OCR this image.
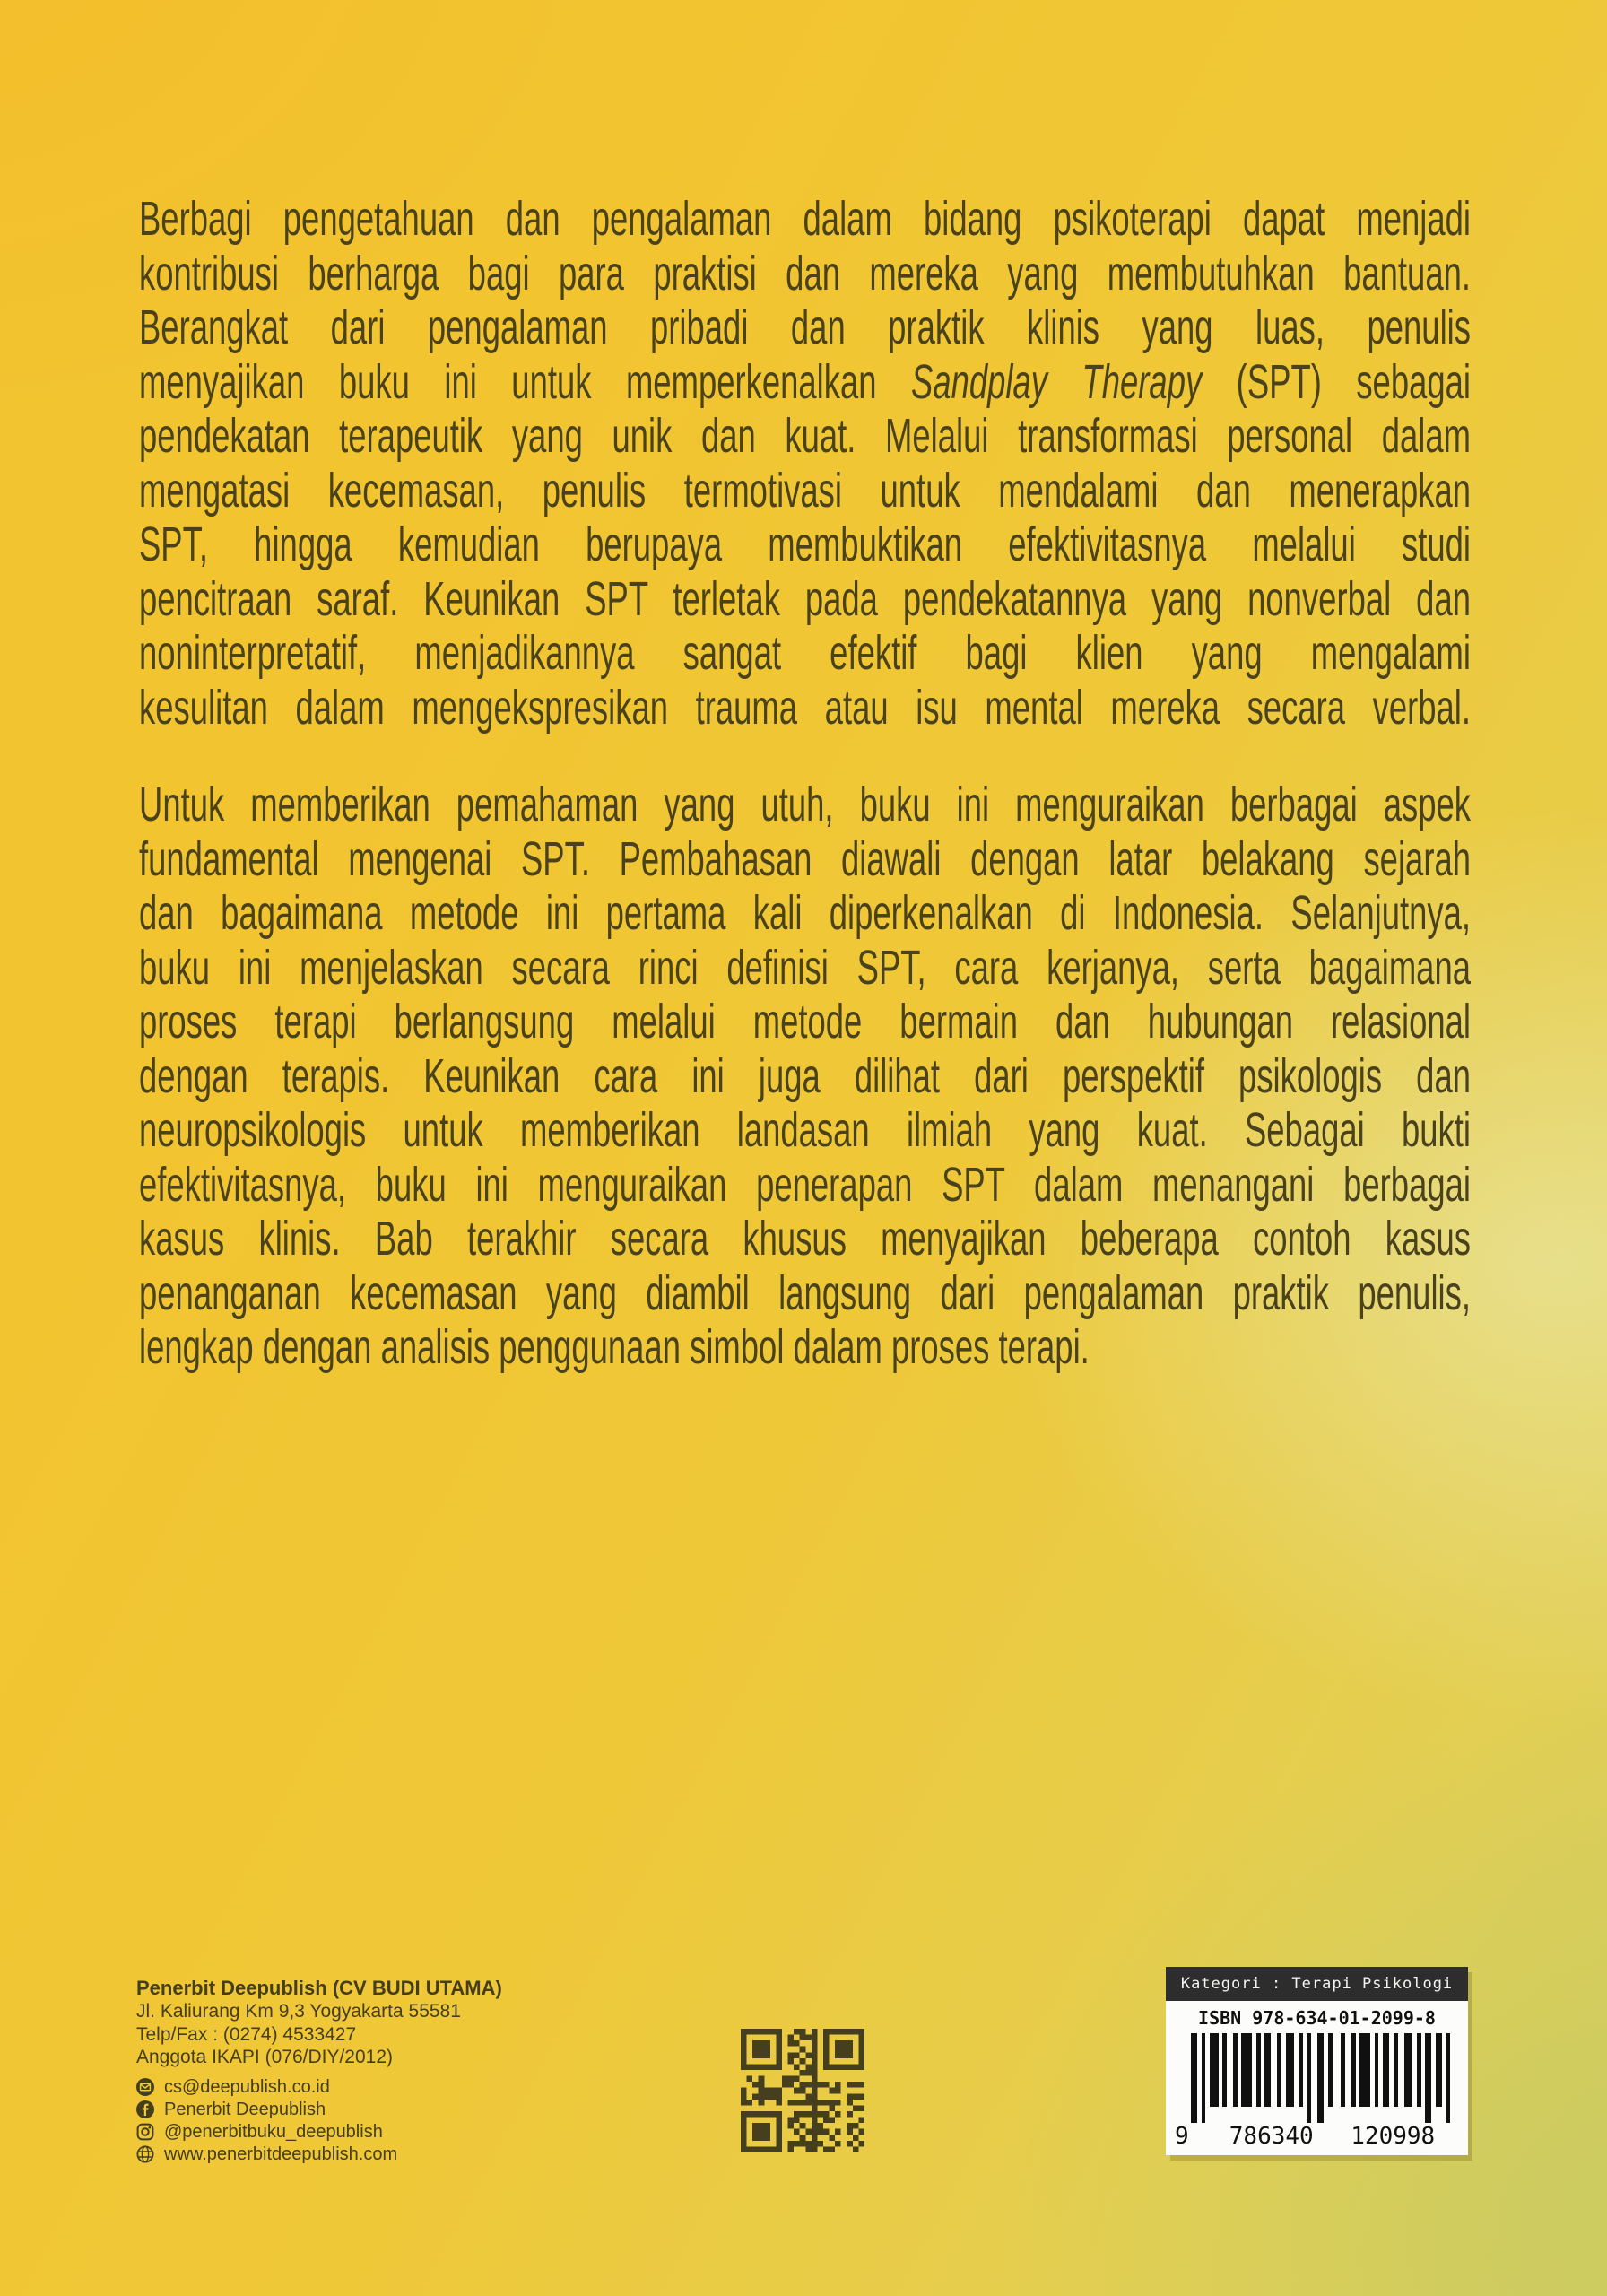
Berbagi pengetahuan dan pengalaman dalam bidang psikoterapi dapat menjadi
kontribusi berharga bagi para praktisi dan mereka yang membutuhkan bantuan.
Berangkat dari pengalaman pribadi dan praktik klinis yang luas, penulis
menyajikan buku ini untuk memperkenalkan Sandplay Therapy (SPT) sebagai
pendekatan terapeutik yang unik dan kuat. Melalui transformasi personal dalam
mengatasi kecemasan, penulis termotivasi untuk mendalami dan menerapkan
SPT, hingga kemudian berupaya membuktikan efektivitasnya melalui studi
pencitraan saraf. Keunikan SPT terletak pada pendekatannya yang nonverbal dan
noninterpretatif, menjadikannya sangat efektif bagi klien yang mengalami
kesulitan dalam mengekspresikan trauma atau isu mental mereka secara verbal.
Untuk memberikan pemahaman yang utuh, buku ini menguraikan berbagai aspek
fundamental mengenai SPT. Pembahasan diawali dengan latar belakang sejarah
dan bagaimana metode ini pertama kali diperkenalkan di Indonesia. Selanjutnya,
buku ini menjelaskan secara rinci definisi SPT, cara kerjanya, serta bagaimana
proses terapi berlangsung melalui metode bermain dan hubungan relasional
dengan terapis. Keunikan cara ini juga dilihat dari perspektif psikologis dan
neuropsikologis untuk memberikan landasan ilmiah yang kuat. Sebagai bukti
efektivitasnya, buku ini menguraikan penerapan SPT dalam menangani berbagai
kasus klinis. Bab terakhir secara khusus menyajikan beberapa contoh kasus
penanganan kecemasan yang diambil langsung dari pengalaman praktik penulis,
lengkap dengan analisis penggunaan simbol dalam proses terapi.
Penerbit Deepublish (CV BUDI UTAMA)
Jl. Kaliurang Km 9,3 Yogyakarta 55581
Telp/Fax : (0274) 4533427
Anggota IKAPI (076/DIY/2012)
cs@deepublish.co.id
Penerbit Deepublish
@penerbitbuku_deepublish
www.penerbitdeepublish.com
Kategori : Terapi Psikologi
ISBN 978-634-01-2099-8
9	786340	120998
